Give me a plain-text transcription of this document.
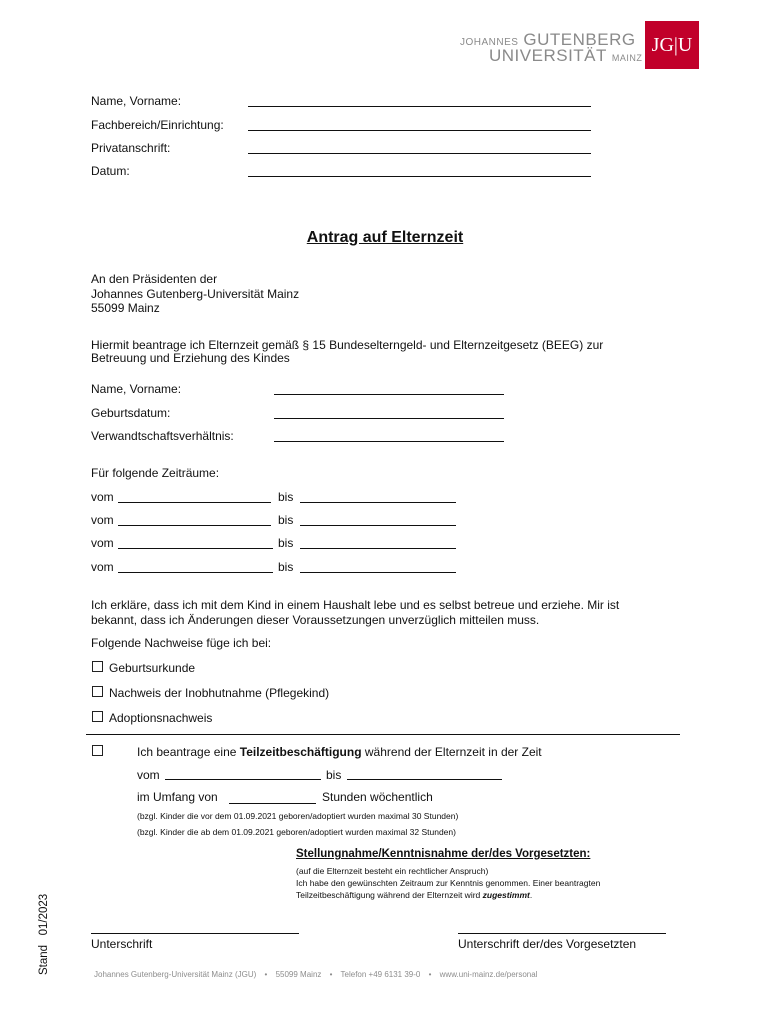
JOHANNES GUTENBERG
UNIVERSITÄT MAINZ
JG|U
Name, Vorname:
Fachbereich/Einrichtung:
Privatanschrift:
Datum:
Antrag auf Elternzeit
An den Präsidenten der
Johannes Gutenberg-Universität Mainz
55099 Mainz
Hiermit beantrage ich Elternzeit gemäß § 15 Bundeselterngeld- und Elternzeitgesetz (BEEG) zur
Betreuung und Erziehung des Kindes
Name, Vorname:
Geburtsdatum:
Verwandtschaftsverhältnis:
Für folgende Zeiträume:
vom	bis
vom	bis
vom	bis
vom	bis
Ich erkläre, dass ich mit dem Kind in einem Haushalt lebe und es selbst betreue und erziehe. Mir ist
bekannt, dass ich Änderungen dieser Voraussetzungen unverzüglich mitteilen muss.
Folgende Nachweise füge ich bei:
Geburtsurkunde
Nachweis der Inobhutnahme (Pflegekind)
Adoptionsnachweis
Ich beantrage eine Teilzeitbeschäftigung während der Elternzeit in der Zeit
vom	bis
im Umfang von	Stunden wöchentlich
(bzgl. Kinder die vor dem 01.09.2021 geboren/adoptiert wurden maximal 30 Stunden)
(bzgl. Kinder die ab dem 01.09.2021 geboren/adoptiert wurden maximal 32 Stunden)
Stellungnahme/Kenntnisnahme der/des Vorgesetzten:
(auf die Elternzeit besteht ein rechtlicher Anspruch)
Ich habe den gewünschten Zeitraum zur Kenntnis genommen. Einer beantragten
Teilzeitbeschäftigung während der Elternzeit wird zugestimmt.
Unterschrift	Unterschrift der/des Vorgesetzten
Stand   01/2023	Johannes Gutenberg-Universität Mainz (JGU) • 55099 Mainz • Telefon +49 6131 39-0 • www.uni-mainz.de/personal
